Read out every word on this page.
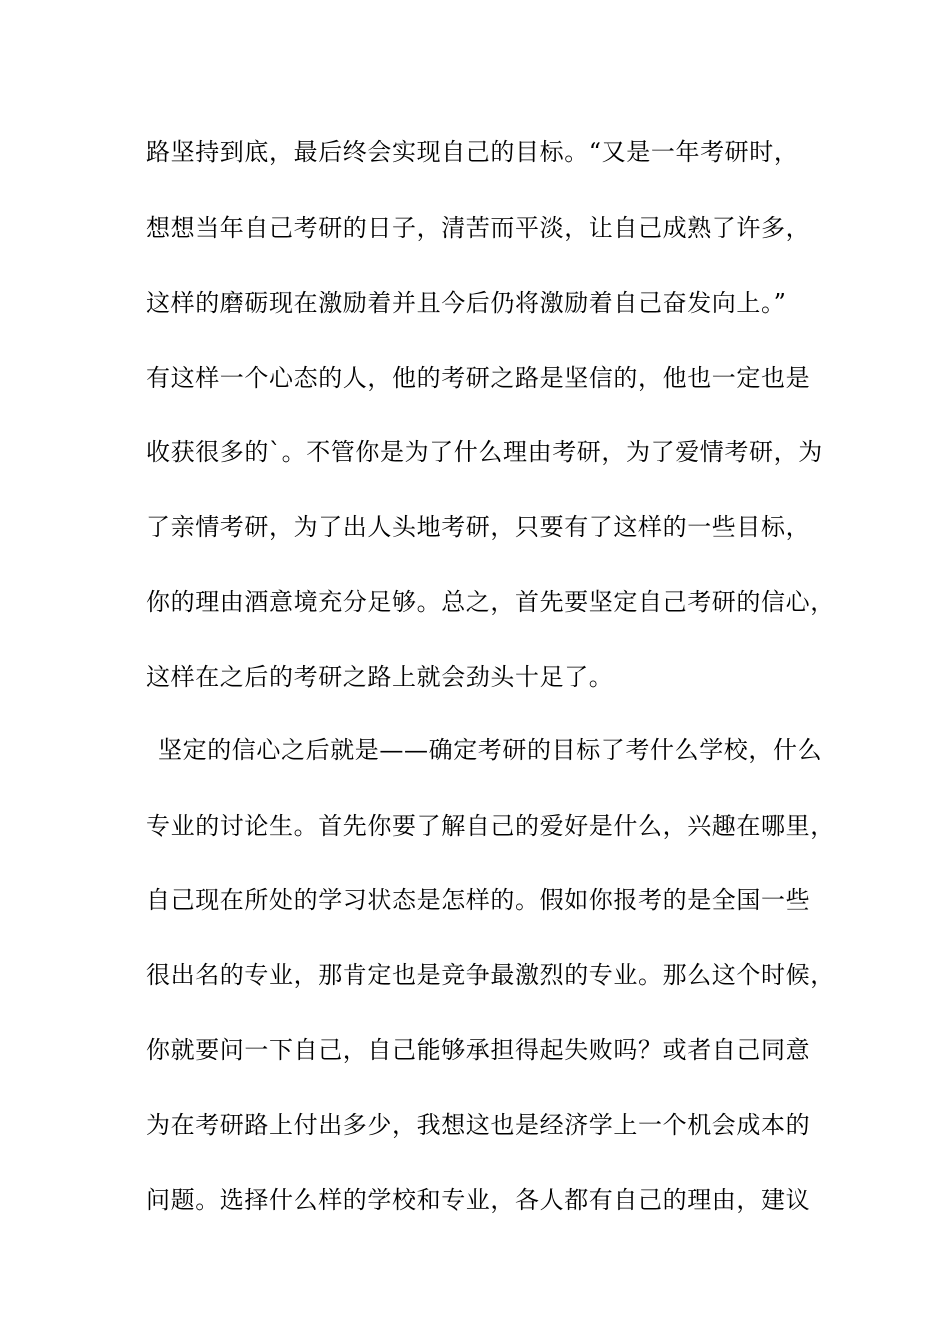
路坚持到底，最后终会实现自己的目标。“又是一年考研时，
想想当年自己考研的日子，清苦而平淡，让自己成熟了许多，
这样的磨砺现在激励着并且今后仍将激励着自己奋发向上。”
有这样一个心态的人，他的考研之路是坚信的，他也一定也是
收获很多的`。不管你是为了什么理由考研，为了爱情考研，为
了亲情考研，为了出人头地考研，只要有了这样的一些目标，
你的理由酒意境充分足够。总之，首先要坚定自己考研的信心，
这样在之后的考研之路上就会劲头十足了。
坚定的信心之后就是——确定考研的目标了考什么学校，什么
专业的讨论生。首先你要了解自己的爱好是什么，兴趣在哪里，
自己现在所处的学习状态是怎样的。假如你报考的是全国一些
很出名的专业，那肯定也是竞争最激烈的专业。那么这个时候，
你就要问一下自己，自己能够承担得起失败吗？或者自己同意
为在考研路上付出多少，我想这也是经济学上一个机会成本的
问题。选择什么样的学校和专业，各人都有自己的理由，建议
